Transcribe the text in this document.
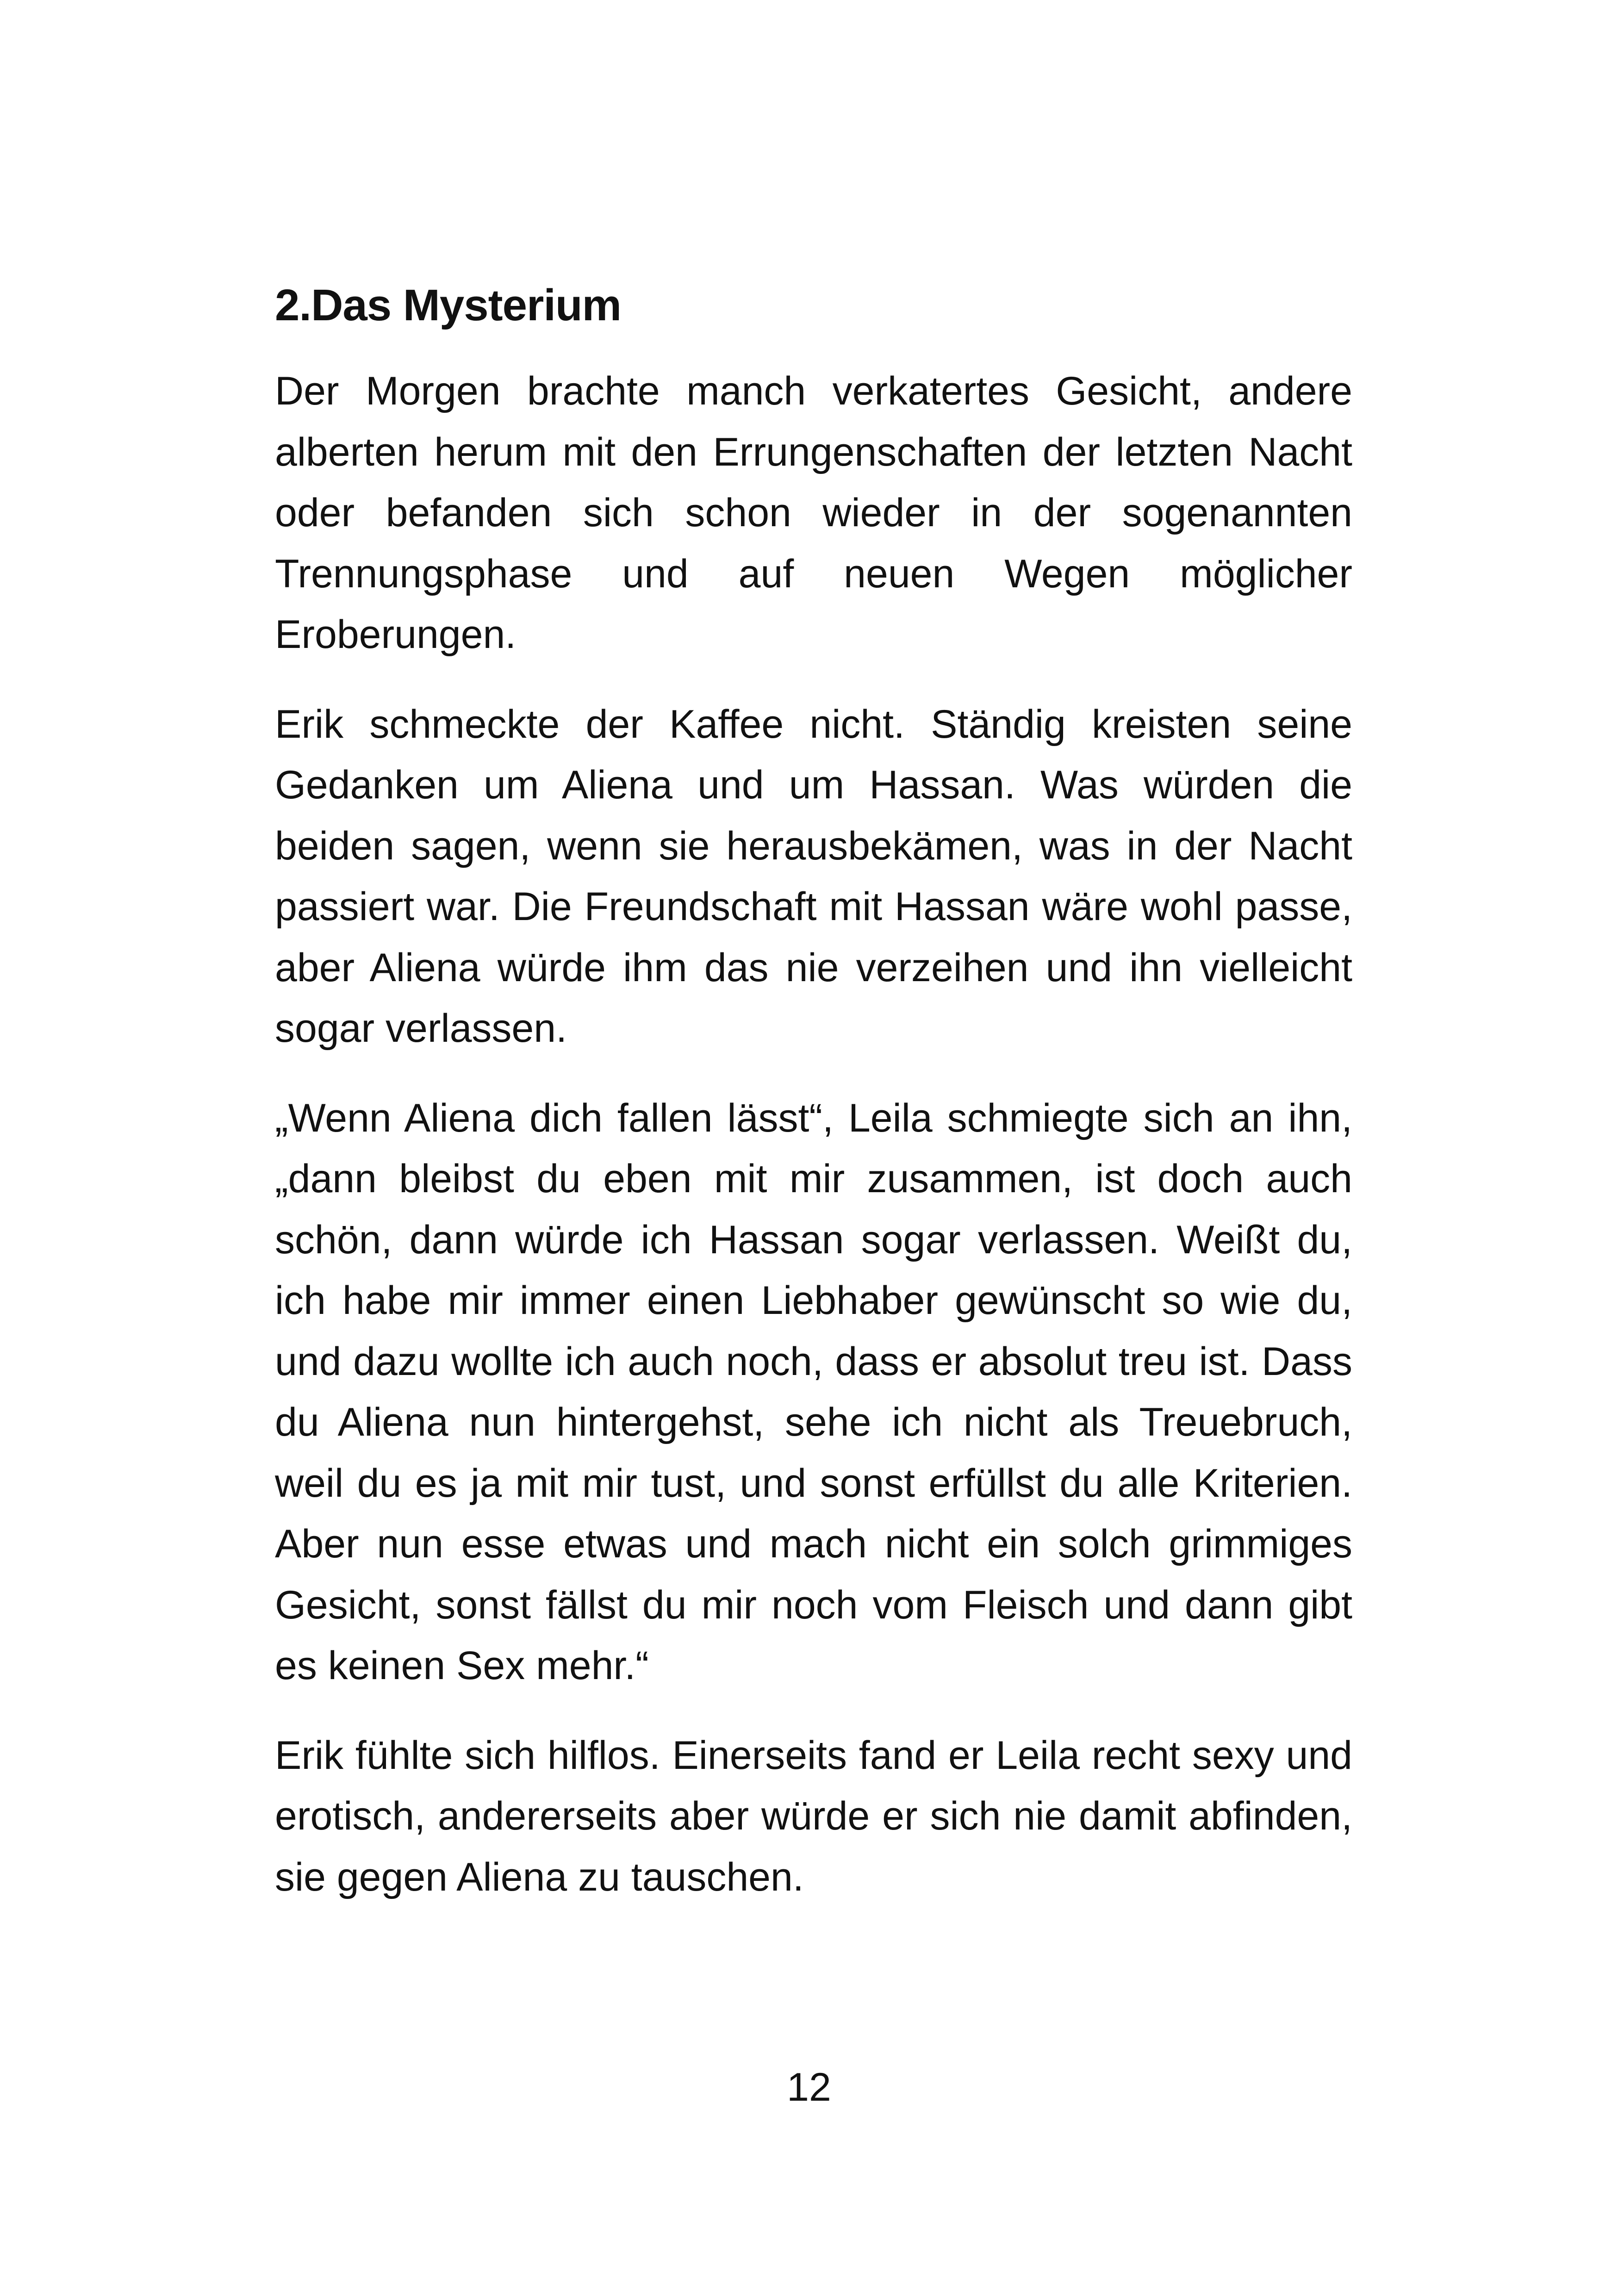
2.Das Mysterium

Der Morgen brachte manch verkatertes Gesicht, andere alberten herum mit den Errungenschaften der letzten Nacht oder befanden sich schon wieder in der sogenannten Trennungsphase und auf neuen Wegen möglicher Eroberungen.

Erik schmeckte der Kaffee nicht. Ständig kreisten seine Gedanken um Aliena und um Hassan. Was würden die beiden sagen, wenn sie herausbekämen, was in der Nacht passiert war. Die Freundschaft mit Hassan wäre wohl passe, aber Aliena würde ihm das nie verzeihen und ihn vielleicht sogar verlassen.

„Wenn Aliena dich fallen lässt“, Leila schmiegte sich an ihn, „dann bleibst du eben mit mir zusammen, ist doch auch schön, dann würde ich Hassan sogar verlassen. Weißt du, ich habe mir immer einen Liebhaber gewünscht so wie du, und dazu wollte ich auch noch, dass er absolut treu ist. Dass du Aliena nun hintergehst, sehe ich nicht als Treuebruch, weil du es ja mit mir tust, und sonst erfüllst du alle Kriterien. Aber nun esse etwas und mach nicht ein solch grimmiges Gesicht, sonst fällst du mir noch vom Fleisch und dann gibt es keinen Sex mehr.“

Erik fühlte sich hilflos. Einerseits fand er Leila recht sexy und erotisch, andererseits aber würde er sich nie damit abfinden, sie gegen Aliena zu tauschen.

12
